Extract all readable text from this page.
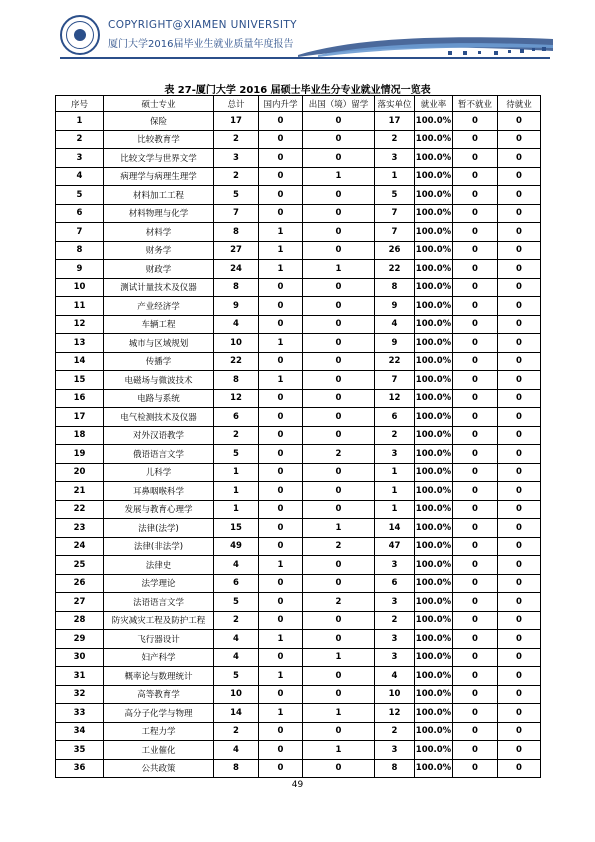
COPYRIGHT@XIAMEN UNIVERSITY
厦门大学2016届毕业生就业质量年度报告
表 27-厦门大学 2016 届硕士毕业生分专业就业情况一览表
序号	硕士专业	总计	国内升学	出国（境）留学	落实单位	就业率	暂不就业	待就业
1	保险	17	0	0	17	100.0%	0	0
2	比较教育学	2	0	0	2	100.0%	0	0
3	比较文学与世界文学	3	0	0	3	100.0%	0	0
4	病理学与病理生理学	2	0	1	1	100.0%	0	0
5	材料加工工程	5	0	0	5	100.0%	0	0
6	材料物理与化学	7	0	0	7	100.0%	0	0
7	材料学	8	1	0	7	100.0%	0	0
8	财务学	27	1	0	26	100.0%	0	0
9	财政学	24	1	1	22	100.0%	0	0
10	测试计量技术及仪器	8	0	0	8	100.0%	0	0
11	产业经济学	9	0	0	9	100.0%	0	0
12	车辆工程	4	0	0	4	100.0%	0	0
13	城市与区域规划	10	1	0	9	100.0%	0	0
14	传播学	22	0	0	22	100.0%	0	0
15	电磁场与微波技术	8	1	0	7	100.0%	0	0
16	电路与系统	12	0	0	12	100.0%	0	0
17	电气检测技术及仪器	6	0	0	6	100.0%	0	0
18	对外汉语教学	2	0	0	2	100.0%	0	0
19	俄语语言文学	5	0	2	3	100.0%	0	0
20	儿科学	1	0	0	1	100.0%	0	0
21	耳鼻咽喉科学	1	0	0	1	100.0%	0	0
22	发展与教育心理学	1	0	0	1	100.0%	0	0
23	法律(法学)	15	0	1	14	100.0%	0	0
24	法律(非法学)	49	0	2	47	100.0%	0	0
25	法律史	4	1	0	3	100.0%	0	0
26	法学理论	6	0	0	6	100.0%	0	0
27	法语语言文学	5	0	2	3	100.0%	0	0
28	防灾减灾工程及防护工程	2	0	0	2	100.0%	0	0
29	飞行器设计	4	1	0	3	100.0%	0	0
30	妇产科学	4	0	1	3	100.0%	0	0
31	概率论与数理统计	5	1	0	4	100.0%	0	0
32	高等教育学	10	0	0	10	100.0%	0	0
33	高分子化学与物理	14	1	1	12	100.0%	0	0
34	工程力学	2	0	0	2	100.0%	0	0
35	工业催化	4	0	1	3	100.0%	0	0
36	公共政策	8	0	0	8	100.0%	0	0
49
